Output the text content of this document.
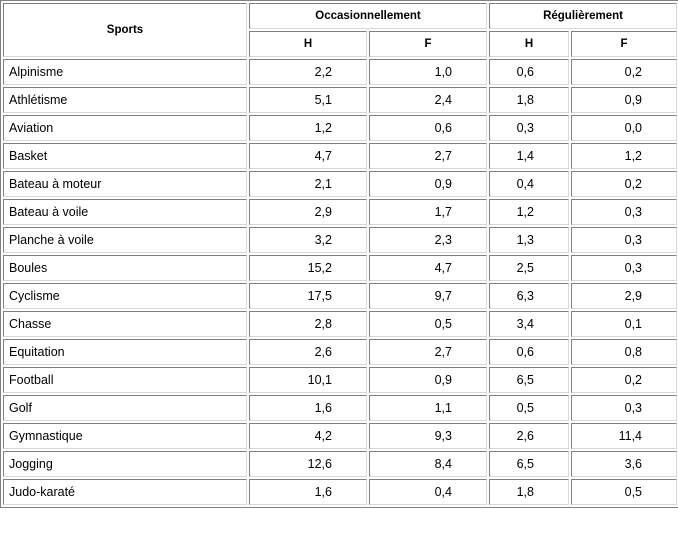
Sports	Occasionnellement		Régulièrement	
	H	F	H	F
Alpinisme	2,2	1,0	0,6	0,2
Athlétisme	5,1	2,4	1,8	0,9
Aviation	1,2	0,6	0,3	0,0
Basket	4,7	2,7	1,4	1,2
Bateau à moteur	2,1	0,9	0,4	0,2
Bateau à voile	2,9	1,7	1,2	0,3
Planche à voile	3,2	2,3	1,3	0,3
Boules	15,2	4,7	2,5	0,3
Cyclisme	17,5	9,7	6,3	2,9
Chasse	2,8	0,5	3,4	0,1
Equitation	2,6	2,7	0,6	0,8
Football	10,1	0,9	6,5	0,2
Golf	1,6	1,1	0,5	0,3
Gymnastique	4,2	9,3	2,6	11,4
Jogging	12,6	8,4	6,5	3,6
Judo-karaté	1,6	0,4	1,8	0,5
